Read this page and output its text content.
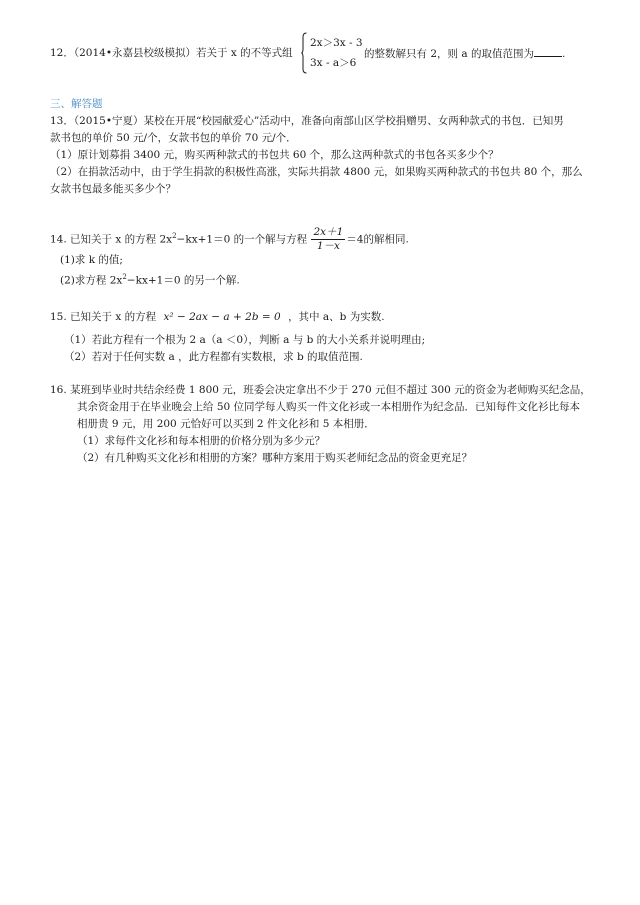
12．（2014•永嘉县校级模拟）若关于 x 的不等式组
2x＞3x - 3
3x - a＞6
的整数解只有 2，则 a 的取值范围为	.
三、解答题
13．（2015•宁夏）某校在开展“校园献爱心”活动中，准备向南部山区学校捐赠男、女两种款式的书包．已知男
款书包的单价 50 元/个，女款书包的单价 70 元/个．
（1）原计划募捐 3400 元，购买两种款式的书包共 60 个，那么这两种款式的书包各买多少个？
（2）在捐款活动中，由于学生捐款的积极性高涨，实际共捐款 4800 元，如果购买两种款式的书包共 80 个，那么
女款书包最多能买多少个？
14. 已知关于 x 的方程 $2x^2-kx+1=0$ 的一个解与方程 $\frac{2x+1}{1-x} =4$的解相同.
(1)求 k 的值;
(2)求方程 $2x^2-kx+1=0$ 的另一个解.
15. 已知关于 x 的方程 x² − 2ax − a + 2b = 0 ，其中 a、b 为实数.
（1）若此方程有一个根为 2 a（a ＜0），判断 a 与 b 的大小关系并说明理由;
（2）若对于任何实数 a ，此方程都有实数根，求 b 的取值范围.
16. 某班到毕业时共结余经费 1 800 元，班委会决定拿出不少于 270 元但不超过 300 元的资金为老师购买纪念品，
其余资金用于在毕业晚会上给 50 位同学每人购买一件文化衫或一本相册作为纪念品．已知每件文化衫比每本
相册贵 9 元，用 200 元恰好可以买到 2 件文化衫和 5 本相册．
（1）求每件文化衫和每本相册的价格分别为多少元？
（2）有几种购买文化衫和相册的方案？哪种方案用于购买老师纪念品的资金更充足？
